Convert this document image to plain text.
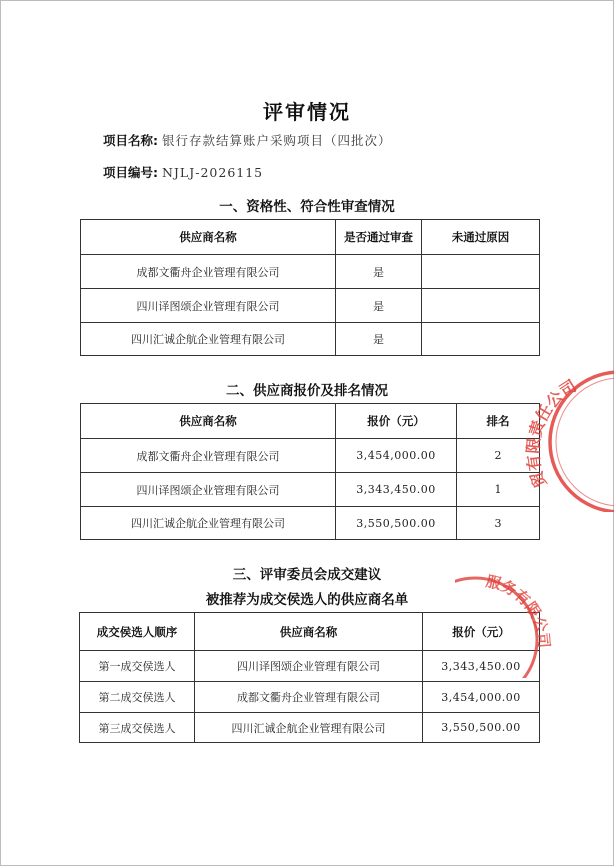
评审情况
项目名称: 银行存款结算账户采购项目（四批次）
项目编号: NJLJ-2026115
一、资格性、符合性审查情况
供应商名称	是否通过审查	未通过原因
成都文衢舟企业管理有限公司	是	
四川译图颂企业管理有限公司	是	
四川汇诚企航企业管理有限公司	是	
二、供应商报价及排名情况
供应商名称	报价（元）	排名
成都文衢舟企业管理有限公司	3,454,000.00	2
四川译图颂企业管理有限公司	3,343,450.00	1
四川汇诚企航企业管理有限公司	3,550,500.00	3
三、评审委员会成交建议
被推荐为成交侯选人的供应商名单
成交侯选人顺序	供应商名称	报价（元）
第一成交侯选人	四川译图颂企业管理有限公司	3,343,450.00
第二成交侯选人	成都文衢舟企业管理有限公司	3,454,000.00
第三成交侯选人	四川汇诚企航企业管理有限公司	3,550,500.00
贸有限责任公司
服务有限公司
